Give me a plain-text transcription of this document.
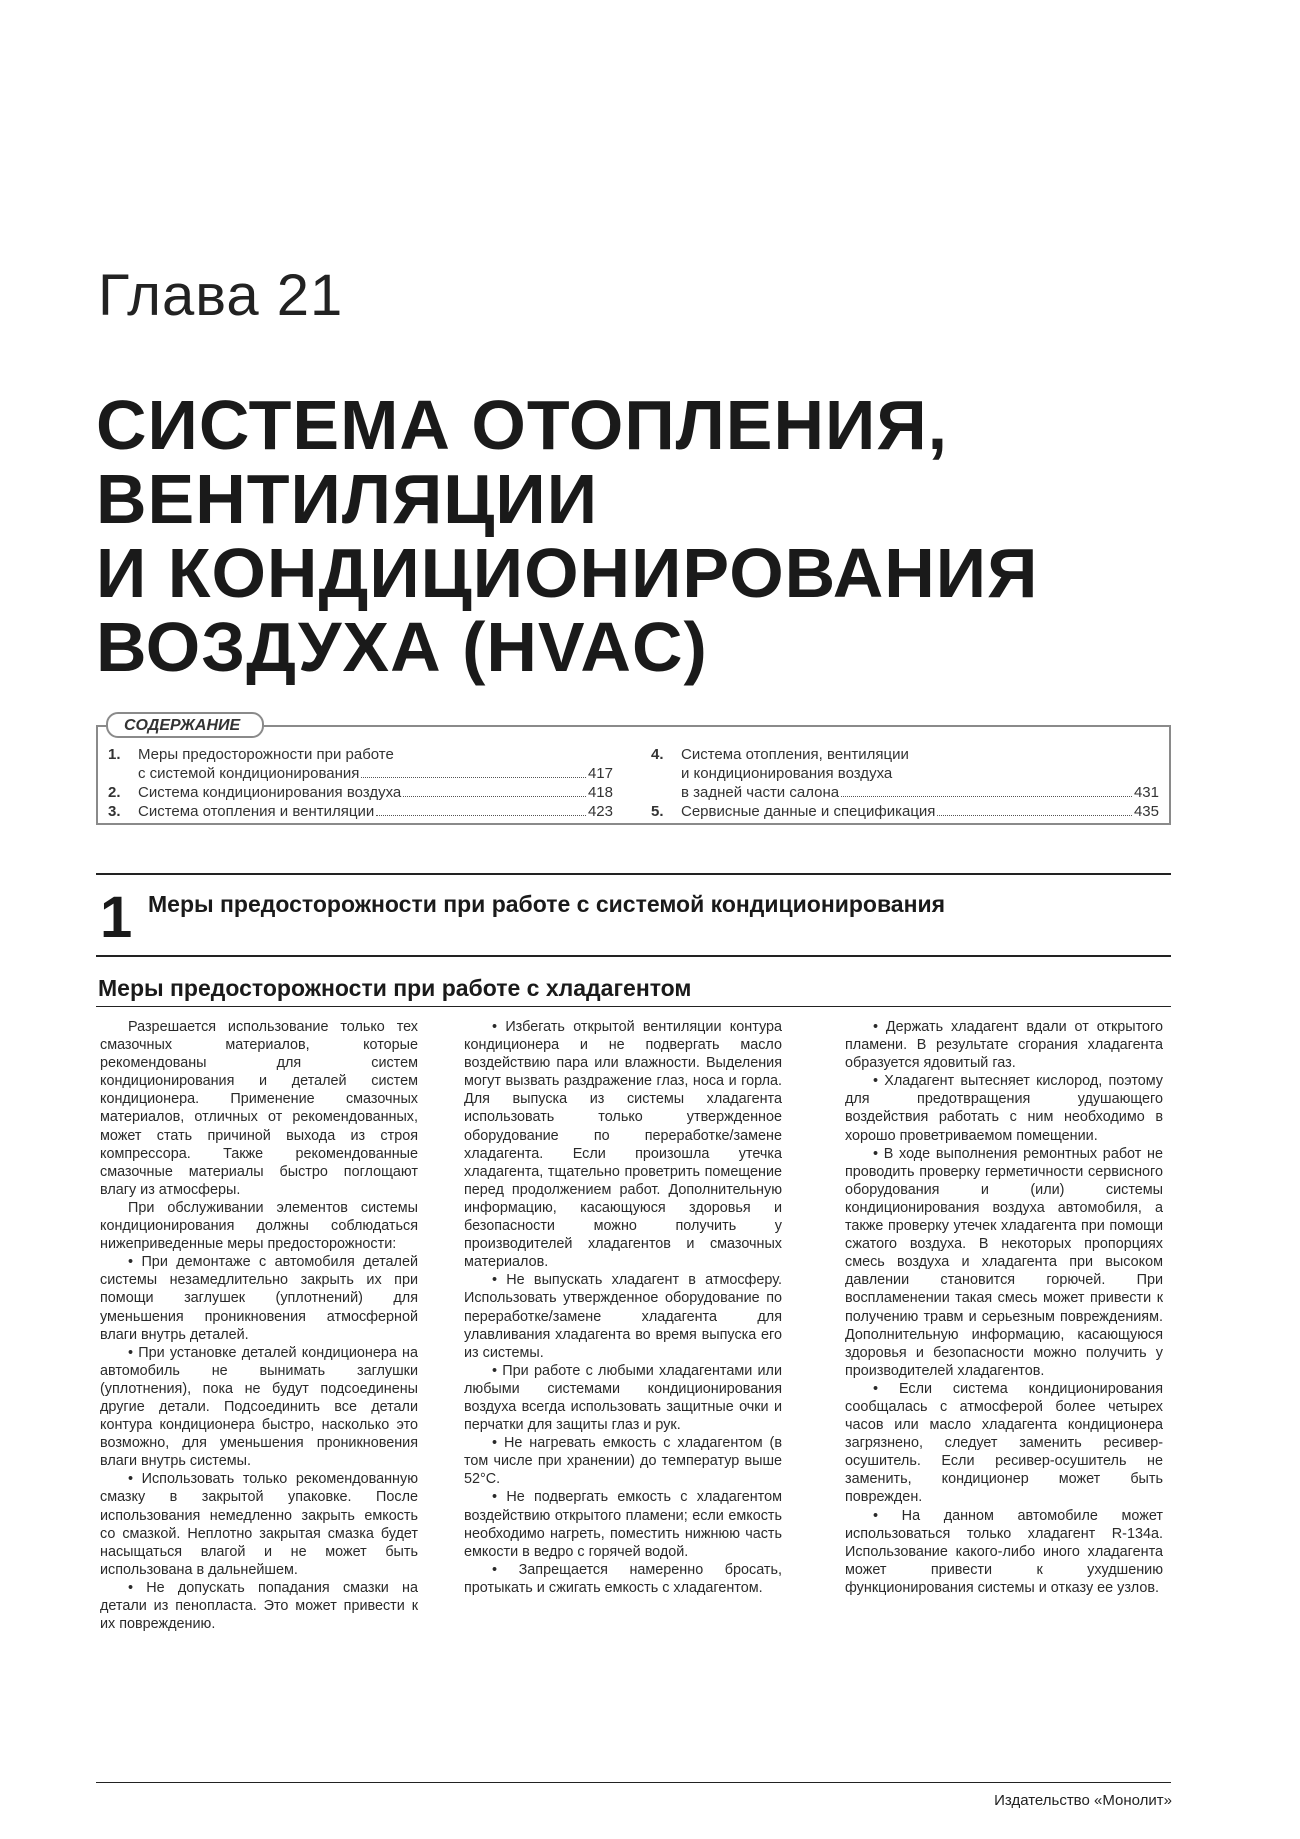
Глава 21
СИСТЕМА ОТОПЛЕНИЯ,
ВЕНТИЛЯЦИИ
И КОНДИЦИОНИРОВАНИЯ
ВОЗДУХА (HVAC)
СОДЕРЖАНИЕ
1.	Меры предосторожности при работе
с системой кондиционирования	417
2.	Система кондиционирования воздуха	418
3.	Система отопления и вентиляции	423
4.	Система отопления, вентиляции
и кондиционирования воздуха
в задней части салона	431
5.	Сервисные данные и спецификация	435
1 Меры предосторожности при работе с системой кондиционирования
Меры предосторожности при работе с хладагентом

Разрешается использование только тех смазочных материалов, которые рекомендованы для систем кондиционирования и деталей систем кондиционера. Применение смазочных материалов, отличных от рекомендованных, может стать причиной выхода из строя компрессора. Также рекомендованные смазочные материалы быстро поглощают влагу из атмосферы.

При обслуживании элементов системы кондиционирования должны соблюдаться нижеприведенные меры предосторожности:

• При демонтаже с автомобиля деталей системы незамедлительно закрыть их при помощи заглушек (уплотнений) для уменьшения проникновения атмосферной влаги внутрь деталей.

• При установке деталей кондиционера на автомобиль не вынимать заглушки (уплотнения), пока не будут подсоединены другие детали. Подсоединить все детали контура кондиционера быстро, насколько это возможно, для уменьшения проникновения влаги внутрь системы.

• Использовать только рекомендованную смазку в закрытой упаковке. После использования немедленно закрыть емкость со смазкой. Неплотно закрытая смазка будет насыщаться влагой и не может быть использована в дальнейшем.

• Не допускать попадания смазки на детали из пенопласта. Это может привести к их повреждению.

• Избегать открытой вентиляции контура кондиционера и не подвергать масло воздействию пара или влажности. Выделения могут вызвать раздражение глаз, носа и горла. Для выпуска из системы хладагента использовать только утвержденное оборудование по переработке/замене хладагента. Если произошла утечка хладагента, тщательно проветрить помещение перед продолжением работ. Дополнительную информацию, касающуюся здоровья и безопасности можно получить у производителей хладагентов и смазочных материалов.

• Не выпускать хладагент в атмосферу. Использовать утвержденное оборудование по переработке/замене хладагента для улавливания хладагента во время выпуска его из системы.

• При работе с любыми хладагентами или любыми системами кондиционирования воздуха всегда использовать защитные очки и перчатки для защиты глаз и рук.

• Не нагревать емкость с хладагентом (в том числе при хранении) до температур выше 52°C.

• Не подвергать емкость с хладагентом воздействию открытого пламени; если емкость необходимо нагреть, поместить нижнюю часть емкости в ведро с горячей водой.

• Запрещается намеренно бросать, протыкать и сжигать емкость с хладагентом.

• Держать хладагент вдали от открытого пламени. В результате сгорания хладагента образуется ядовитый газ.

• Хладагент вытесняет кислород, поэтому для предотвращения удушающего воздействия работать с ним необходимо в хорошо проветриваемом помещении.

• В ходе выполнения ремонтных работ не проводить проверку герметичности сервисного оборудования и (или) системы кондиционирования воздуха автомобиля, а также проверку утечек хладагента при помощи сжатого воздуха. В некоторых пропорциях смесь воздуха и хладагента при высоком давлении становится горючей. При воспламенении такая смесь может привести к получению травм и серьезным повреждениям. Дополнительную информацию, касающуюся здоровья и безопасности можно получить у производителей хладагентов.

• Если система кондиционирования сообщалась с атмосферой более четырех часов или масло хладагента кондиционера загрязнено, следует заменить ресивер-осушитель. Если ресивер-осушитель не заменить, кондиционер может быть поврежден.

• На данном автомобиле может использоваться только хладагент R-134a. Использование какого-либо иного хладагента может привести к ухудшению функционирования системы и отказу ее узлов.

Издательство «Монолит»
